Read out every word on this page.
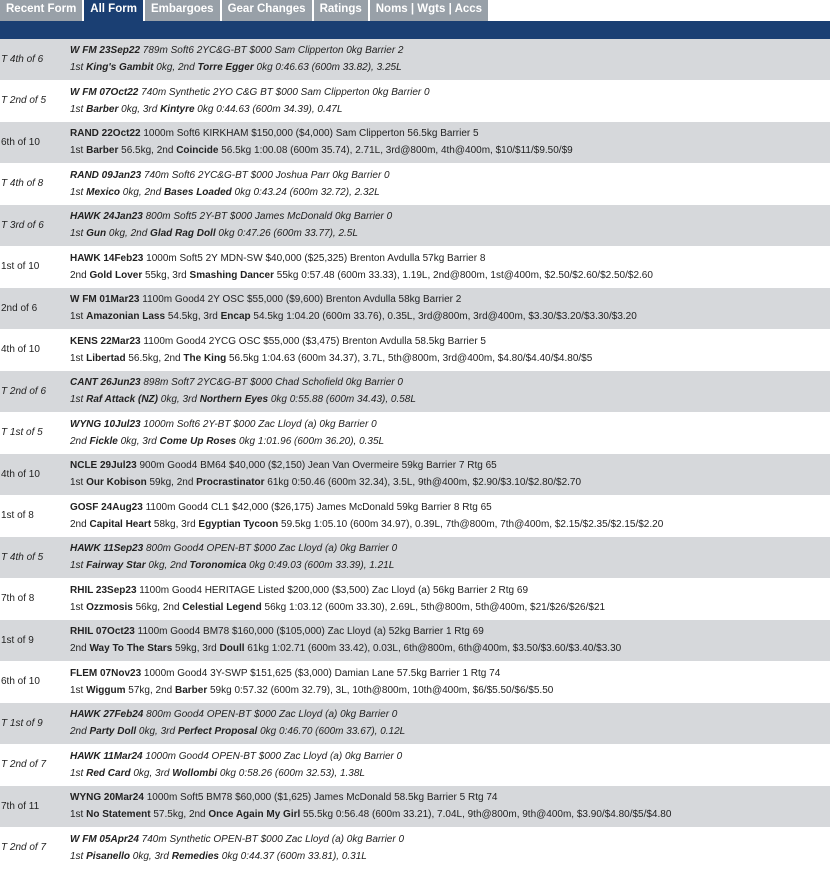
Recent Form	All Form	Embargoes	Gear Changes	Ratings	Noms | Wgts | Accs
T 4th of 6
W FM 23Sep22 789m Soft6 2YC&G-BT $000 Sam Clipperton 0kg Barrier 2
1st King's Gambit 0kg, 2nd Torre Egger 0kg 0:46.63 (600m 33.82), 3.25L
T 2nd of 5
W FM 07Oct22 740m Synthetic 2YO C&G BT $000 Sam Clipperton 0kg Barrier 0
1st Barber 0kg, 3rd Kintyre 0kg 0:44.63 (600m 34.39), 0.47L
6th of 10
RAND 22Oct22 1000m Soft6 KIRKHAM $150,000 ($4,000) Sam Clipperton 56.5kg Barrier 5
1st Barber 56.5kg, 2nd Coincide 56.5kg 1:00.08 (600m 35.74), 2.71L, 3rd@800m, 4th@400m, $10/$11/$9.50/$9
T 4th of 8
RAND 09Jan23 740m Soft6 2YC&G-BT $000 Joshua Parr 0kg Barrier 0
1st Mexico 0kg, 2nd Bases Loaded 0kg 0:43.24 (600m 32.72), 2.32L
T 3rd of 6
HAWK 24Jan23 800m Soft5 2Y-BT $000 James McDonald 0kg Barrier 0
1st Gun 0kg, 2nd Glad Rag Doll 0kg 0:47.26 (600m 33.77), 2.5L
1st of 10
HAWK 14Feb23 1000m Soft5 2Y MDN-SW $40,000 ($25,325) Brenton Avdulla 57kg Barrier 8
2nd Gold Lover 55kg, 3rd Smashing Dancer 55kg 0:57.48 (600m 33.33), 1.19L, 2nd@800m, 1st@400m, $2.50/$2.60/$2.50/$2.60
2nd of 6
W FM 01Mar23 1100m Good4 2Y OSC $55,000 ($9,600) Brenton Avdulla 58kg Barrier 2
1st Amazonian Lass 54.5kg, 3rd Encap 54.5kg 1:04.20 (600m 33.76), 0.35L, 3rd@800m, 3rd@400m, $3.30/$3.20/$3.30/$3.20
4th of 10
KENS 22Mar23 1100m Good4 2YCG OSC $55,000 ($3,475) Brenton Avdulla 58.5kg Barrier 5
1st Libertad 56.5kg, 2nd The King 56.5kg 1:04.63 (600m 34.37), 3.7L, 5th@800m, 3rd@400m, $4.80/$4.40/$4.80/$5
T 2nd of 6
CANT 26Jun23 898m Soft7 2YC&G-BT $000 Chad Schofield 0kg Barrier 0
1st Raf Attack (NZ) 0kg, 3rd Northern Eyes 0kg 0:55.88 (600m 34.43), 0.58L
T 1st of 5
WYNG 10Jul23 1000m Soft6 2Y-BT $000 Zac Lloyd (a) 0kg Barrier 0
2nd Fickle 0kg, 3rd Come Up Roses 0kg 1:01.96 (600m 36.20), 0.35L
4th of 10
NCLE 29Jul23 900m Good4 BM64 $40,000 ($2,150) Jean Van Overmeire 59kg Barrier 7 Rtg 65
1st Our Kobison 59kg, 2nd Procrastinator 61kg 0:50.46 (600m 32.34), 3.5L, 9th@400m, $2.90/$3.10/$2.80/$2.70
1st of 8
GOSF 24Aug23 1100m Good4 CL1 $42,000 ($26,175) James McDonald 59kg Barrier 8 Rtg 65
2nd Capital Heart 58kg, 3rd Egyptian Tycoon 59.5kg 1:05.10 (600m 34.97), 0.39L, 7th@800m, 7th@400m, $2.15/$2.35/$2.15/$2.20
T 4th of 5
HAWK 11Sep23 800m Good4 OPEN-BT $000 Zac Lloyd (a) 0kg Barrier 0
1st Fairway Star 0kg, 2nd Toronomica 0kg 0:49.03 (600m 33.39), 1.21L
7th of 8
RHIL 23Sep23 1100m Good4 HERITAGE Listed $200,000 ($3,500) Zac Lloyd (a) 56kg Barrier 2 Rtg 69
1st Ozzmosis 56kg, 2nd Celestial Legend 56kg 1:03.12 (600m 33.30), 2.69L, 5th@800m, 5th@400m, $21/$26/$26/$21
1st of 9
RHIL 07Oct23 1100m Good4 BM78 $160,000 ($105,000) Zac Lloyd (a) 52kg Barrier 1 Rtg 69
2nd Way To The Stars 59kg, 3rd Doull 61kg 1:02.71 (600m 33.42), 0.03L, 6th@800m, 6th@400m, $3.50/$3.60/$3.40/$3.30
6th of 10
FLEM 07Nov23 1000m Good4 3Y-SWP $151,625 ($3,000) Damian Lane 57.5kg Barrier 1 Rtg 74
1st Wiggum 57kg, 2nd Barber 59kg 0:57.32 (600m 32.79), 3L, 10th@800m, 10th@400m, $6/$5.50/$6/$5.50
T 1st of 9
HAWK 27Feb24 800m Good4 OPEN-BT $000 Zac Lloyd (a) 0kg Barrier 0
2nd Party Doll 0kg, 3rd Perfect Proposal 0kg 0:46.70 (600m 33.67), 0.12L
T 2nd of 7
HAWK 11Mar24 1000m Good4 OPEN-BT $000 Zac Lloyd (a) 0kg Barrier 0
1st Red Card 0kg, 3rd Wollombi 0kg 0:58.26 (600m 32.53), 1.38L
7th of 11
WYNG 20Mar24 1000m Soft5 BM78 $60,000 ($1,625) James McDonald 58.5kg Barrier 5 Rtg 74
1st No Statement 57.5kg, 2nd Once Again My Girl 55.5kg 0:56.48 (600m 33.21), 7.04L, 9th@800m, 9th@400m, $3.90/$4.80/$5/$4.80
T 2nd of 7
W FM 05Apr24 740m Synthetic OPEN-BT $000 Zac Lloyd (a) 0kg Barrier 0
1st Pisanello 0kg, 3rd Remedies 0kg 0:44.37 (600m 33.81), 0.31L
